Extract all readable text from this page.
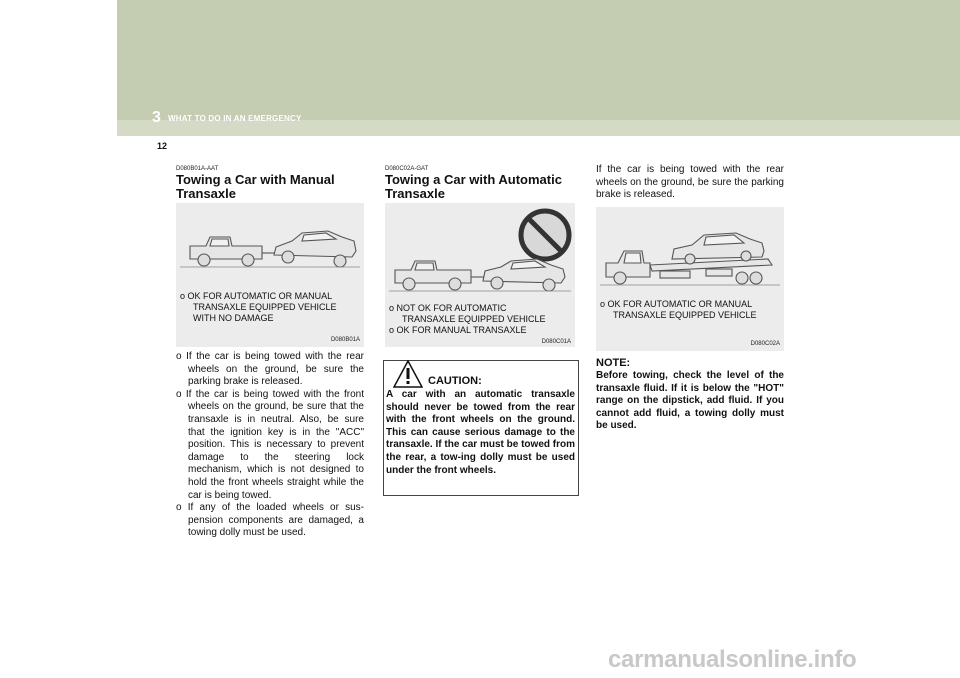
3 WHAT TO DO IN AN EMERGENCY
12
D080B01A-AAT
Towing a Car with Manual
Transaxle
o OK FOR AUTOMATIC OR MANUAL
TRANSAXLE EQUIPPED VEHICLE
WITH NO DAMAGE
D080B01A

o If the car is being towed with the rear wheels on the ground, be sure the parking brake is released.

o If the car is being towed with the front wheels on the ground, be sure that the transaxle is in neutral. Also, be sure that the ignition key is in the "ACC" position. This is necessary to prevent damage to the steering lock mechanism, which is not designed to hold the front wheels straight while the car is being towed.

o If any of the loaded wheels or sus-pension components are damaged, a towing dolly must be used.

D080C02A-GAT
Towing a Car with Automatic
Transaxle
o NOT OK FOR AUTOMATIC
TRANSAXLE EQUIPPED VEHICLE
o OK FOR MANUAL TRANSAXLE
D080C01A
CAUTION:
A car with an automatic transaxle should never be towed from the rear with the front wheels on the ground. This can cause serious damage to the transaxle. If the car must be towed from the rear, a tow-ing dolly must be used under the front wheels.
If the car is being towed with the rear wheels on the ground, be sure the parking brake is released.
o OK FOR AUTOMATIC OR MANUAL
TRANSAXLE EQUIPPED VEHICLE
D080C02A
NOTE:
Before towing, check the level of the transaxle fluid. If it is below the "HOT" range on the dipstick, add fluid. If you cannot add fluid, a towing dolly must be used.
carmanualsonline.info
